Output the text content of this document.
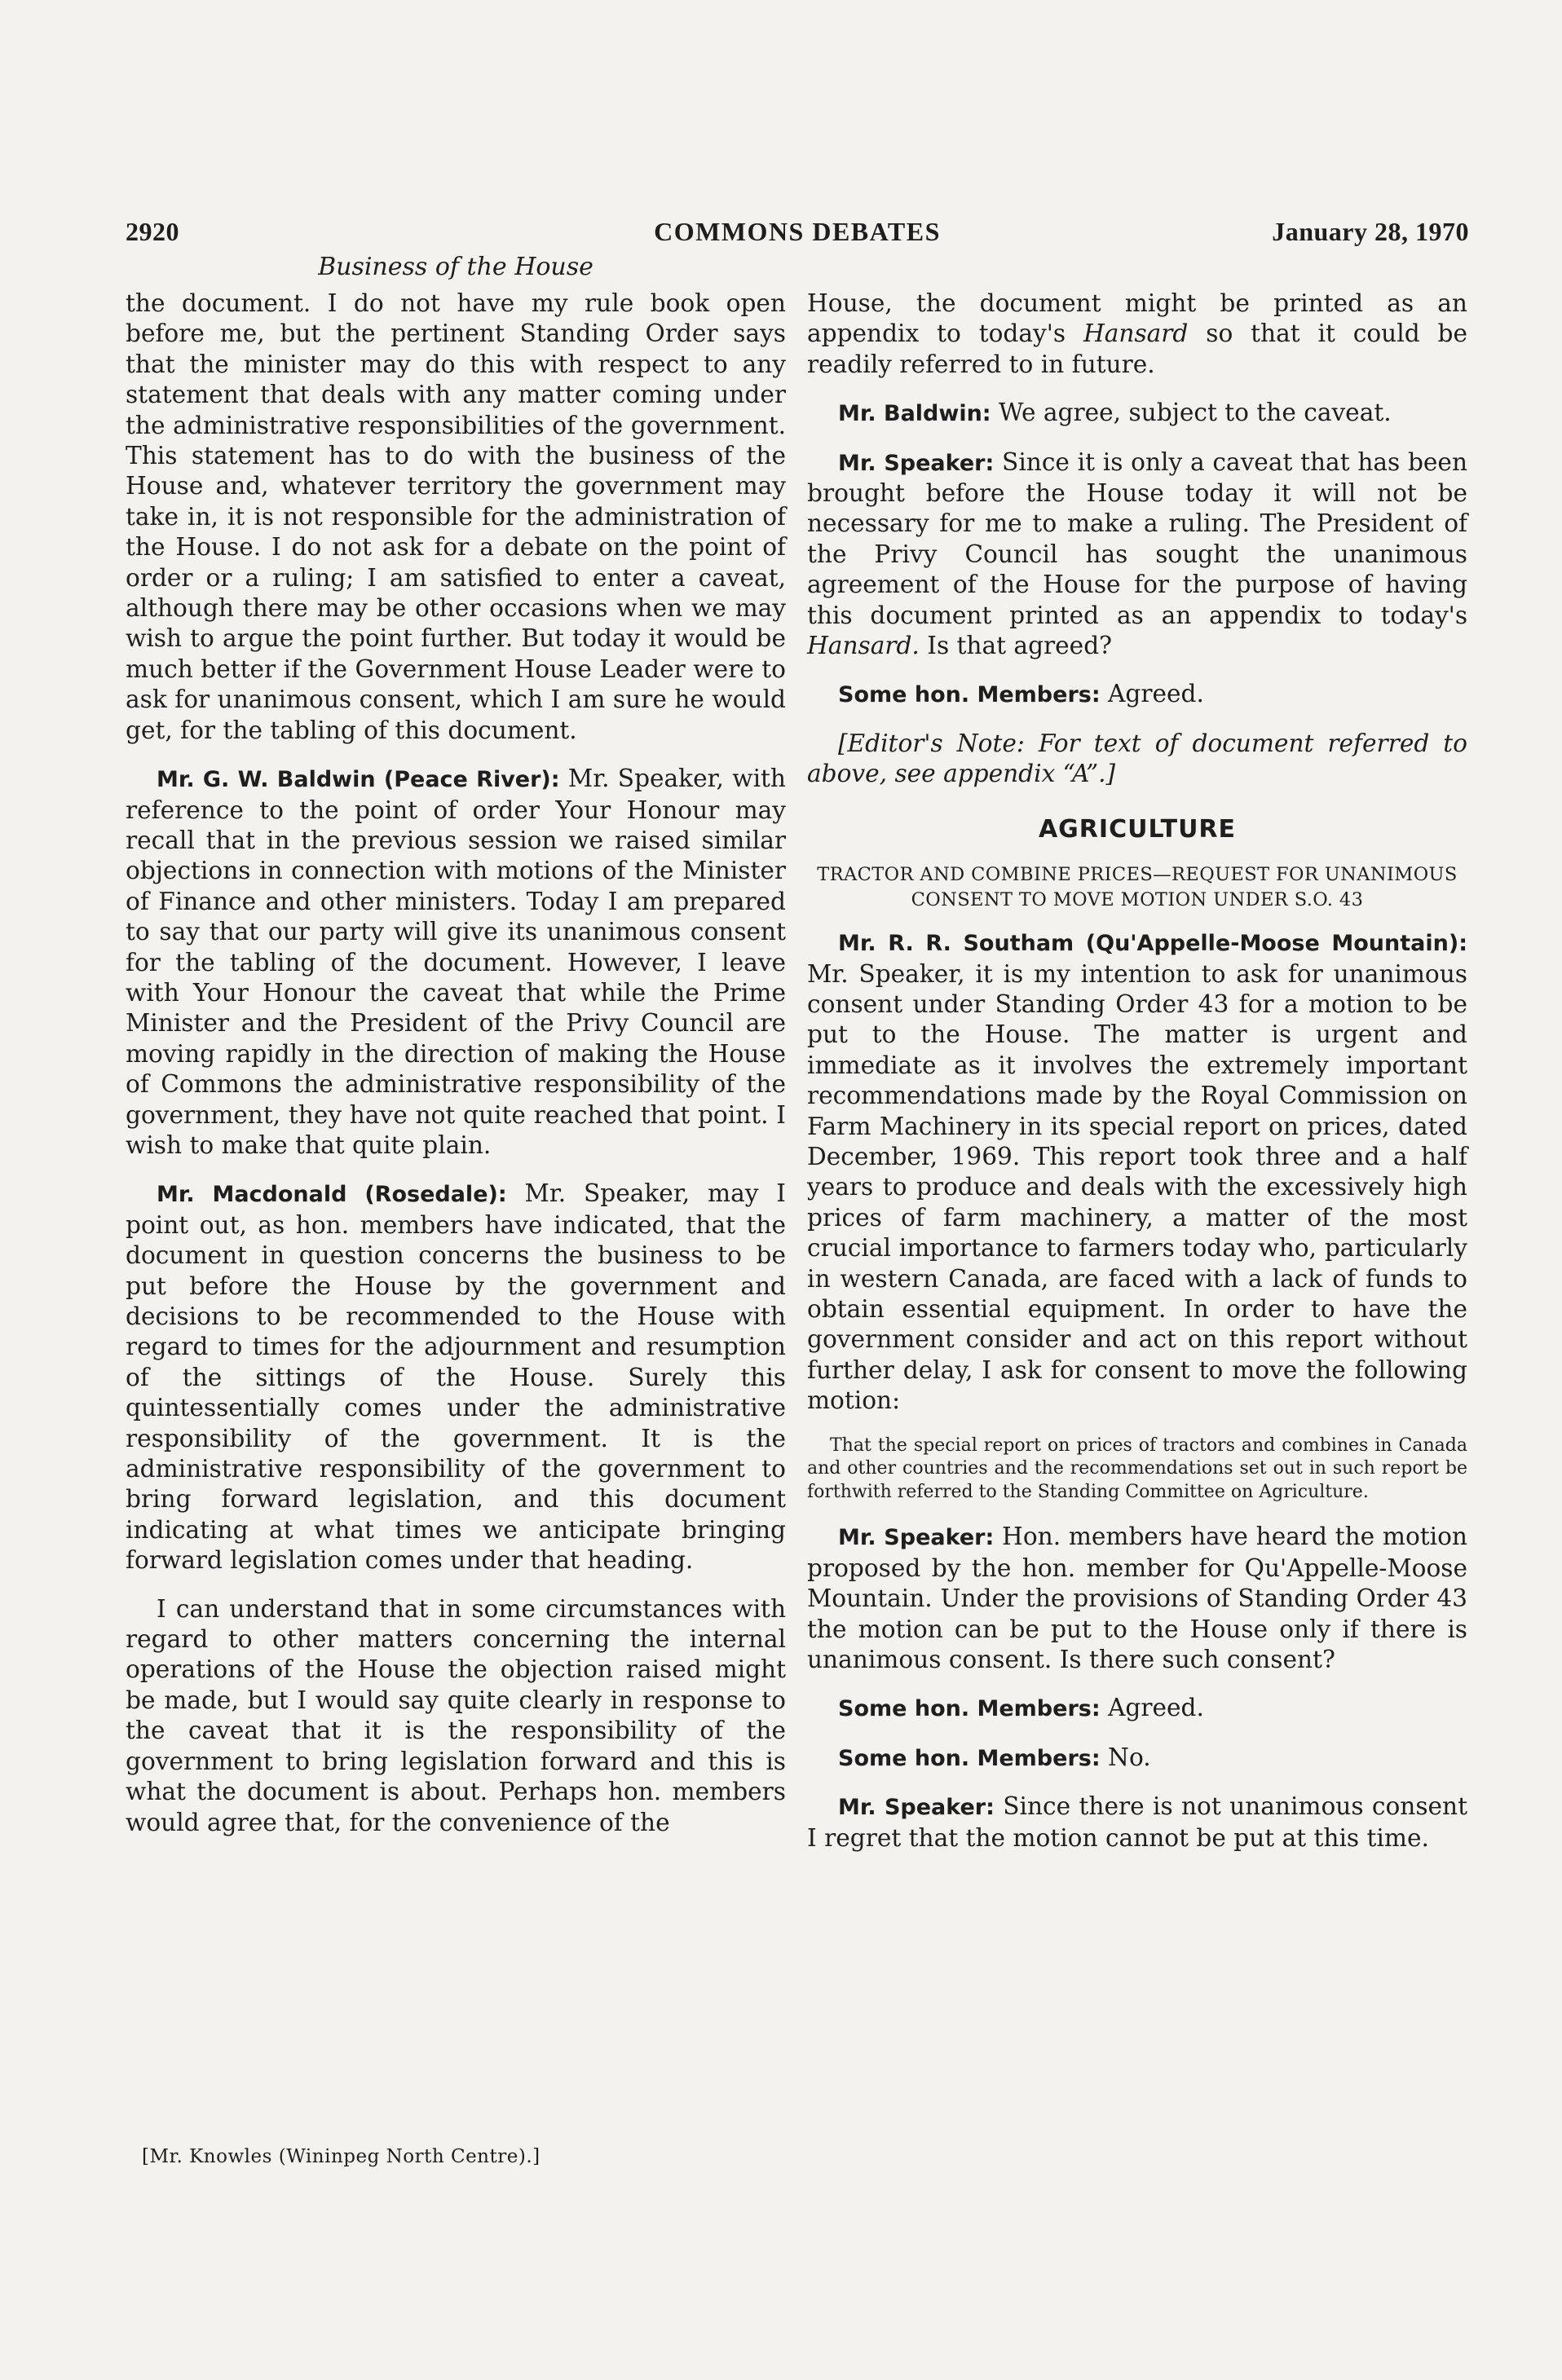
2920	COMMONS DEBATES	January 28, 1970
Business of the House

the document. I do not have my rule book open before me, but the pertinent Standing Order says that the minister may do this with respect to any statement that deals with any matter coming under the administrative responsibilities of the government. This statement has to do with the business of the House and, whatever territory the government may take in, it is not responsible for the administration of the House. I do not ask for a debate on the point of order or a ruling; I am satisfied to enter a caveat, although there may be other occasions when we may wish to argue the point further. But today it would be much better if the Government House Leader were to ask for unanimous consent, which I am sure he would get, for the tabling of this document.

Mr. G. W. Baldwin (Peace River): Mr. Speaker, with reference to the point of order Your Honour may recall that in the previous session we raised similar objections in connection with motions of the Minister of Finance and other ministers. Today I am prepared to say that our party will give its unanimous consent for the tabling of the document. However, I leave with Your Honour the caveat that while the Prime Minister and the President of the Privy Council are moving rapidly in the direction of making the House of Commons the administrative responsibility of the government, they have not quite reached that point. I wish to make that quite plain.

Mr. Macdonald (Rosedale): Mr. Speaker, may I point out, as hon. members have indicated, that the document in question concerns the business to be put before the House by the government and decisions to be recommended to the House with regard to times for the adjournment and resumption of the sittings of the House. Surely this quintessentially comes under the administrative responsibility of the government. It is the administrative responsibility of the government to bring forward legislation, and this document indicating at what times we anticipate bringing forward legislation comes under that heading.

I can understand that in some circumstances with regard to other matters concerning the internal operations of the House the objection raised might be made, but I would say quite clearly in response to the caveat that it is the responsibility of the government to bring legislation forward and this is what the document is about. Perhaps hon. members would agree that, for the convenience of the

[Mr. Knowles (Wininpeg North Centre).]

House, the document might be printed as an appendix to today's Hansard so that it could be readily referred to in future.

Mr. Baldwin: We agree, subject to the caveat.

Mr. Speaker: Since it is only a caveat that has been brought before the House today it will not be necessary for me to make a ruling. The President of the Privy Council has sought the unanimous agreement of the House for the purpose of having this document printed as an appendix to today's Hansard. Is that agreed?

Some hon. Members: Agreed.

[Editor's Note: For text of document referred to above, see appendix “A”.]

AGRICULTURE
TRACTOR AND COMBINE PRICES—REQUEST FOR UNANIMOUS CONSENT TO MOVE MOTION UNDER S.O. 43

Mr. R. R. Southam (Qu'Appelle-Moose Mountain): Mr. Speaker, it is my intention to ask for unanimous consent under Standing Order 43 for a motion to be put to the House. The matter is urgent and immediate as it involves the extremely important recommendations made by the Royal Commission on Farm Machinery in its special report on prices, dated December, 1969. This report took three and a half years to produce and deals with the excessively high prices of farm machinery, a matter of the most crucial importance to farmers today who, particularly in western Canada, are faced with a lack of funds to obtain essential equipment. In order to have the government consider and act on this report without further delay, I ask for consent to move the following motion:

That the special report on prices of tractors and combines in Canada and other countries and the recommendations set out in such report be forthwith referred to the Standing Committee on Agriculture.

Mr. Speaker: Hon. members have heard the motion proposed by the hon. member for Qu'Appelle-Moose Mountain. Under the provisions of Standing Order 43 the motion can be put to the House only if there is unanimous consent. Is there such consent?

Some hon. Members: Agreed.

Some hon. Members: No.

Mr. Speaker: Since there is not unanimous consent I regret that the motion cannot be put at this time.
